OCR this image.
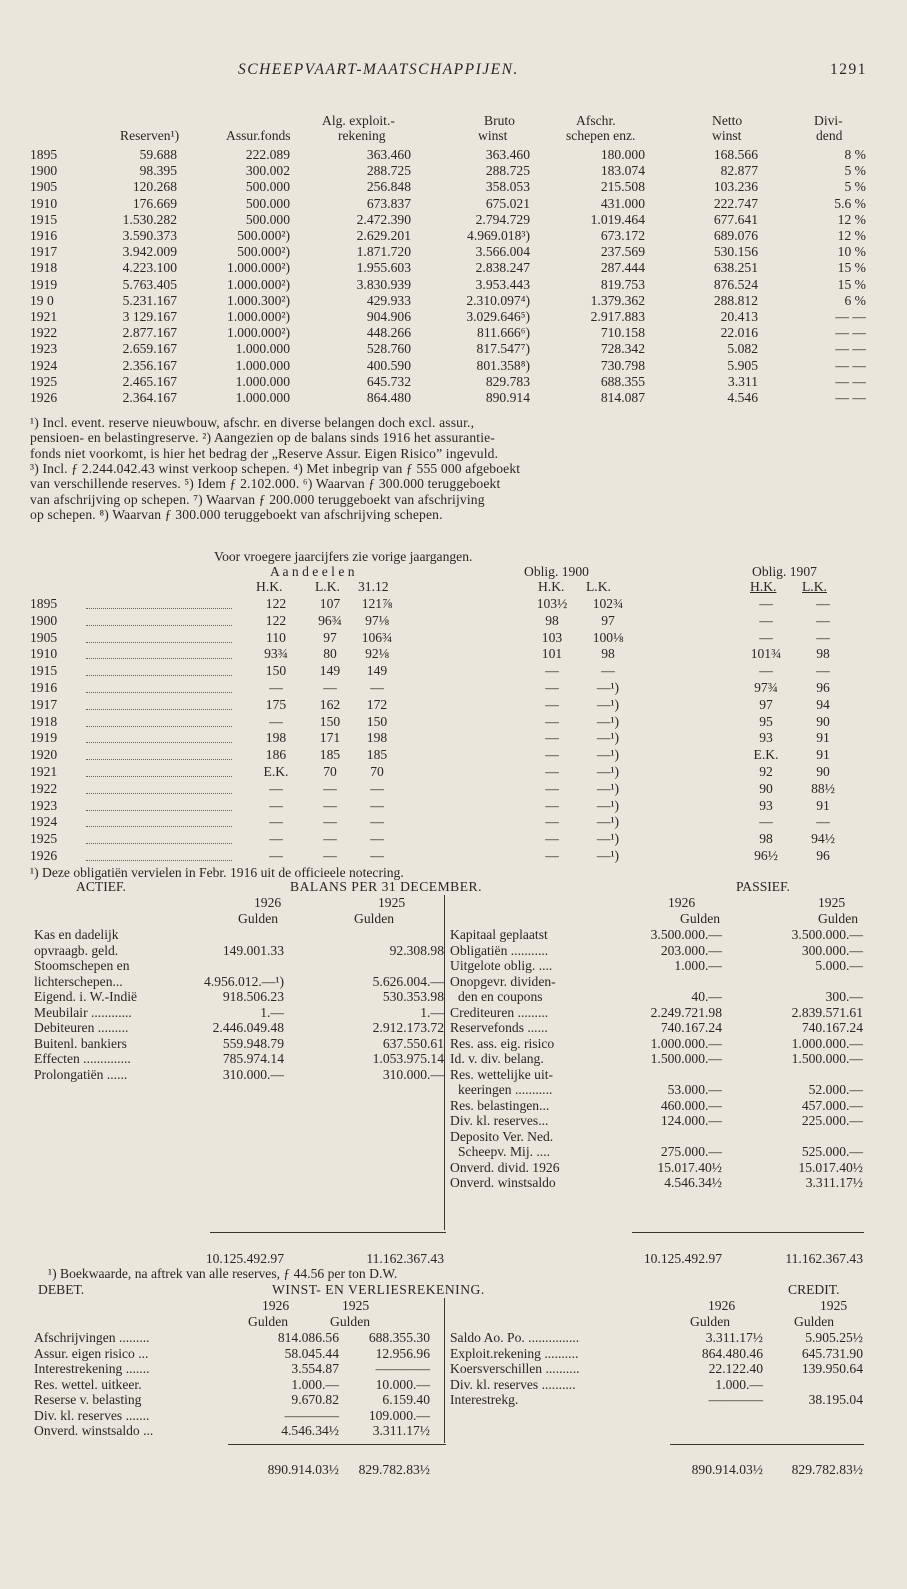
SCHEEPVAART-MAATSCHAPPIJEN.	1291
Alg. exploit.-	Bruto	Afschr.	Netto	Divi-
Reserven¹)	Assur.fonds	rekening	winst	schepen enz.	winst	dend
1895	59.688	222.089	363.460	363.460	180.000	168.566	8 %
1900	98.395	300.002	288.725	288.725	183.074	82.877	5 %
1905	120.268	500.000	256.848	358.053	215.508	103.236	5 %
1910	176.669	500.000	673.837	675.021	431.000	222.747	5.6 %
1915	1.530.282	500.000	2.472.390	2.794.729	1.019.464	677.641	12 %
1916	3.590.373	500.000²)	2.629.201	4.969.018³)	673.172	689.076	12 %
1917	3.942.009	500.000²)	1.871.720	3.566.004	237.569	530.156	10 %
1918	4.223.100	1.000.000²)	1.955.603	2.838.247	287.444	638.251	15 %
1919	5.763.405	1.000.000²)	3.830.939	3.953.443	819.753	876.524	15 %
19 0	5.231.167	1.000.300²)	429.933	2.310.097⁴)	1.379.362	288.812	6 %
1921	3 129.167	1.000.000²)	904.906	3.029.646⁵)	2.917.883	20.413	— —
1922	2.877.167	1.000.000²)	448.266	811.666⁶)	710.158	22.016	— —
1923	2.659.167	1.000.000	528.760	817.547⁷)	728.342	5.082	— —
1924	2.356.167	1.000.000	400.590	801.358⁸)	730.798	5.905	— —
1925	2.465.167	1.000.000	645.732	829.783	688.355	3.311	— —
1926	2.364.167	1.000.000	864.480	890.914	814.087	4.546	— —
¹) Incl. event. reserve nieuwbouw, afschr. en diverse belangen doch excl. assur.,
pensioen- en belastingreserve. ²) Aangezien op de balans sinds 1916 het assurantie-
fonds niet voorkomt, is hier het bedrag der „Reserve Assur. Eigen Risico” ingevuld.
³) Incl. ƒ 2.244.042.43 winst verkoop schepen. ⁴) Met inbegrip van ƒ 555 000 afgeboekt
van verschillende reserves. ⁵) Idem ƒ 2.102.000. ⁶) Waarvan ƒ 300.000 teruggeboekt
van afschrijving op schepen. ⁷) Waarvan ƒ 200.000 teruggeboekt van afschrijving
op schepen. ⁸) Waarvan ƒ 300.000 teruggeboekt van afschrijving schepen.
Voor vroegere jaarcijfers zie vorige jaargangen.
A a n d e e l e n	Oblig. 1900	Oblig. 1907
H.K. L.K. 31.12	H.K. L.K.	H.K. L.K.
1895	122	107	121⅞	103½	102¾	—	—
1900	122	96¾	97⅛	98	97	—	—
1905	110	97	106¾	103	100⅛	—	—
1910	93¾	80	92⅛	101	98	101¾	98
1915	150	149	149	—	—	—	—
1916	—	—	—	—	—¹)	97¾	96
1917	175	162	172	—	—¹)	97	94
1918	—	150	150	—	—¹)	95	90
1919	198	171	198	—	—¹)	93	91
1920	186	185	185	—	—¹)	E.K.	91
1921	E.K.	70	70	—	—¹)	92	90
1922	—	—	—	—	—¹)	90	88½
1923	—	—	—	—	—¹)	93	91
1924	—	—	—	—	—¹)	—	—
1925	—	—	—	—	—¹)	98	94½
1926	—	—	—	—	—¹)	96½	96
¹) Deze obligatiën vervielen in Febr. 1916 uit de officieele notecring.
ACTIEF.	BALANS PER 31 DECEMBER.	PASSIEF.
1926	1925	1926	1925
Gulden	Gulden	Gulden	Gulden
Kas en dadelijk
opvraagb. geld.	149.001.33	92.308.98
Stoomschepen en
lichterschepen...	4.956.012.—¹)	5.626.004.—
Eigend. i. W.-Indië	918.506.23	530.353.98
Meubilair ............	1.—	1.—
Debiteuren .........	2.446.049.48	2.912.173.72
Buitenl. bankiers	559.948.79	637.550.61
Effecten ..............	785.974.14	1.053.975.14
Prolongatiën ......	310.000.—	310.000.—
Kapitaal geplaatst	3.500.000.—	3.500.000.—
Obligatiën ...........	203.000.—	300.000.—
Uitgelote oblig. ....	1.000.—	5.000.—
Onopgevr. dividen-
den en coupons	40.—	300.—
Crediteuren .........	2.249.721.98	2.839.571.61
Reservefonds ......	740.167.24	740.167.24
Res. ass. eig. risico	1.000.000.—	1.000.000.—
Id. v. div. belang.	1.500.000.—	1.500.000.—
Res. wettelijke uit-
keeringen ...........	53.000.—	52.000.—
Res. belastingen...	460.000.—	457.000.—
Div. kl. reserves...	124.000.—	225.000.—
Deposito Ver. Ned.
Scheepv. Mij. ....	275.000.—	525.000.—
Onverd. divid. 1926	15.017.40½	15.017.40½
Onverd. winstsaldo	4.546.34½	3.311.17½
10.125.492.97	11.162.367.43	10.125.492.97	11.162.367.43
¹) Boekwaarde, na aftrek van alle reserves, ƒ 44.56 per ton D.W.
DEBET.	WINST- EN VERLIESREKENING.	CREDIT.
1926	1925	1926	1925
Gulden	Gulden	Gulden	Gulden
Afschrijvingen .........	814.086.56 688.355.30
Assur. eigen risico ...	58.045.44	12.956.96
Interestrekening .......	3.554.87	————
Res. wettel. uitkeer.	1.000.—	10.000.—
Reserse v. belasting	9.670.82	6.159.40
Div. kl. reserves .......	———— 109.000.—
Onverd. winstsaldo ...	4.546.34½ 3.311.17½
Saldo Ao. Po. ...............	3.311.17½	5.905.25½
Exploit.rekening ..........	864.480.46	645.731.90
Koersverschillen ..........	22.122.40	139.950.64
Div. kl. reserves ..........	1.000.—
Interestrekg.	————	38.195.04
890.914.03½ 829.782.83½	890.914.03½ 829.782.83½
